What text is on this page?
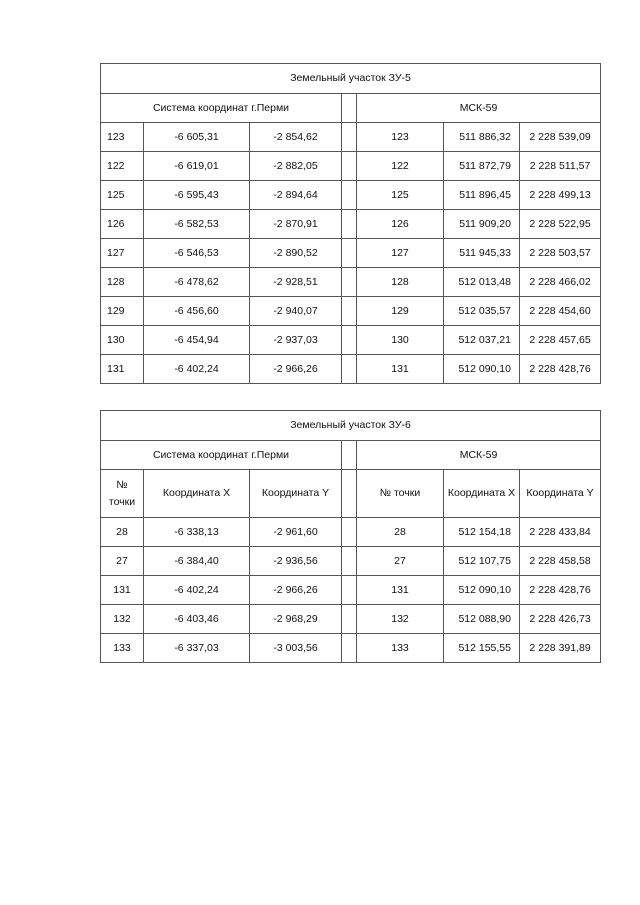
Земельный участок ЗУ-5						
Система координат г.Перми				МСК-59		
123	-6 605,31	-2 854,62		123	511 886,32	2 228 539,09
122	-6 619,01	-2 882,05		122	511 872,79	2 228 511,57
125	-6 595,43	-2 894,64		125	511 896,45	2 228 499,13
126	-6 582,53	-2 870,91		126	511 909,20	2 228 522,95
127	-6 546,53	-2 890,52		127	511 945,33	2 228 503,57
128	-6 478,62	-2 928,51		128	512 013,48	2 228 466,02
129	-6 456,60	-2 940,07		129	512 035,57	2 228 454,60
130	-6 454,94	-2 937,03		130	512 037,21	2 228 457,65
131	-6 402,24	-2 966,26		131	512 090,10	2 228 428,76
Земельный участок ЗУ-6						
Система координат г.Перми				МСК-59		
№ точки	Координата X	Координата Y		№ точки	Координата X	Координата Y
28	-6 338,13	-2 961,60		28	512 154,18	2 228 433,84
27	-6 384,40	-2 936,56		27	512 107,75	2 228 458,58
131	-6 402,24	-2 966,26		131	512 090,10	2 228 428,76
132	-6 403,46	-2 968,29		132	512 088,90	2 228 426,73
133	-6 337,03	-3 003,56		133	512 155,55	2 228 391,89
